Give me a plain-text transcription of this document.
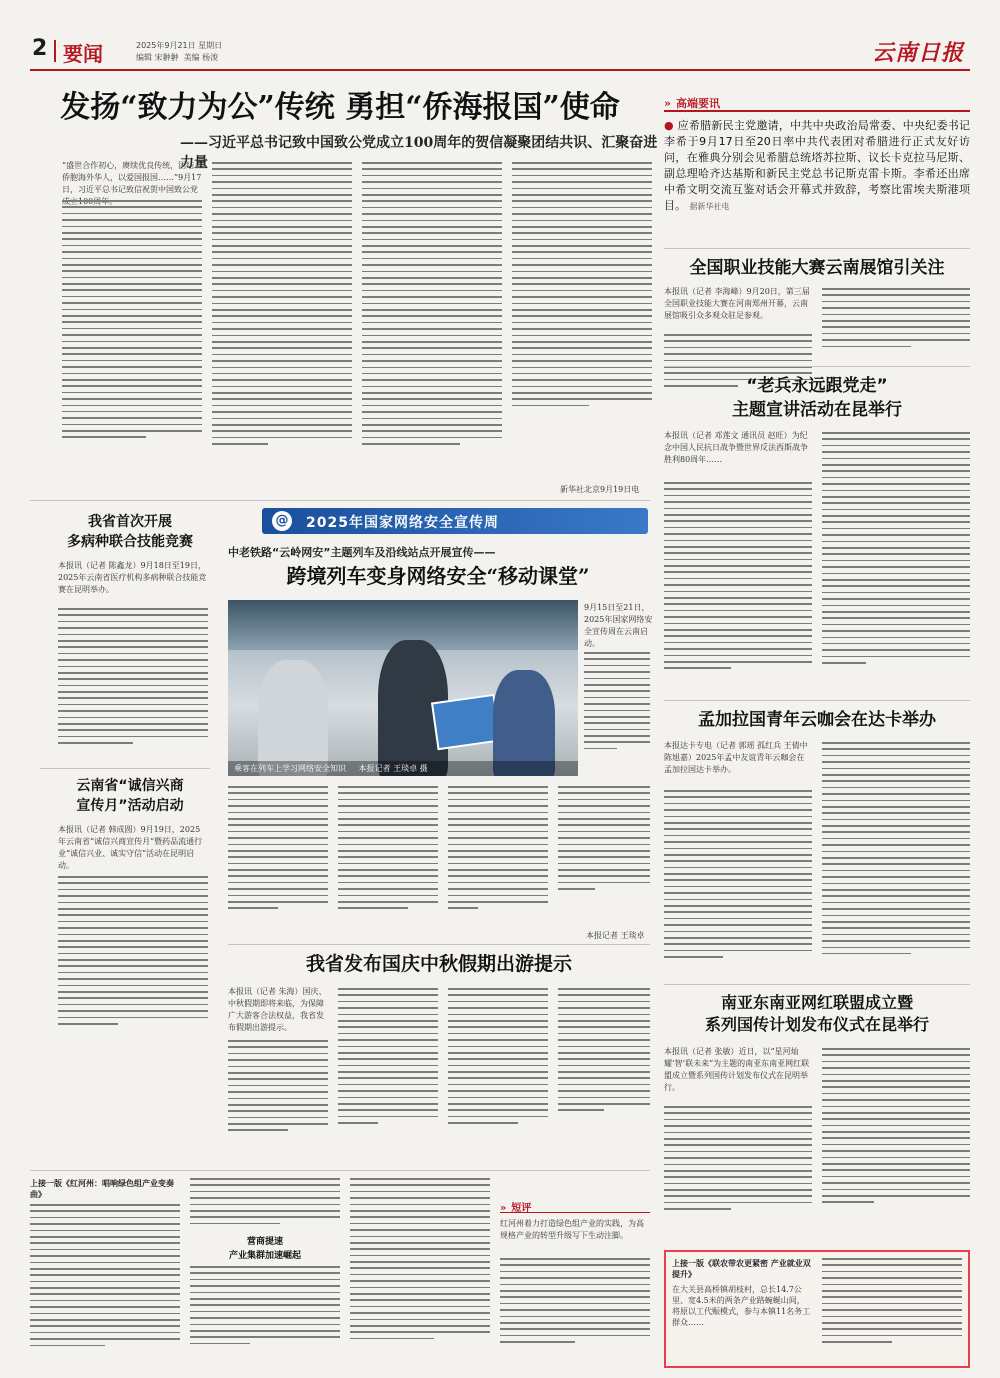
2 要闻	2025年9月21日 星期日
编辑 宋翀翀 美编 杨浚	云南日报
发扬“致力为公”传统 勇担“侨海报国”使命
——习近平总书记致中国致公党成立100周年的贺信凝聚团结共识、汇聚奋进力量
“盛世合作初心，赓续优良传统，团结侨胞海外华人，以爱国报国……”9月17日，习近平总书记致信祝贺中国致公党
新华社北京9月19日电
» 高端要讯
● 应希腊新民主党邀请，中共中央政治局常委、中央纪委书记李希于9月17日至20日率中共代表团对希腊进行正式友好访问，在雅典分别会见希腊总统塔苏拉斯、议长卡克拉马尼斯、副总理哈齐达基斯和新民主党总书记斯克雷卡斯。李希还出席中希文明交流互鉴对话会开幕式并致辞，考察比雷埃夫斯港项目。 据新华社电
全国职业技能大赛云南展馆引关注
本报讯（记者 李海峰）9月20日，第三届全国职业技能大赛在河南郑州开幕，云南展馆吸引众多观众驻足参观。
“老兵永远跟党走”
主题宣讲活动在昆举行
本报讯（记者 邓莲文 通讯员 赵旺）为纪念中国人民抗日战争暨世界反法西斯战争胜利80周年……
孟加拉国青年云咖会在达卡举办
本报达卡专电（记者 郭瑶 孤红兵 王倩中 陈旭嘉）2025年孟中友谊青年云咖会在孟加拉国达卡举办。
南亚东南亚网红联盟成立暨
系列国传计划发布仪式在昆举行
本报讯（记者 张敏）近日，以“星河灿耀‘智’联未来”为主题的南亚东南亚网红联盟成立暨系列国传计划发布仪式在昆明举行。
上接一版《联农带农更紧密 产业就业双提升》
在大关县高桥镇胡枝村，总长14.7公里、宽4.5米的两条产业路蜿蜒山间，将原以工代赈模式，参与本镇11名务工群众……
我省首次开展
多病种联合技能竞赛
本报讯（记者 陈鑫龙）9月18日至19日，2025年云南省医疗机构多病种联合技能竞赛在昆明举办。
云南省“诚信兴商
宣传月”活动启动
本报讯（记者 韩成圆）9月19日，2025年云南省“诚信兴商宣传月”暨药品流通行业“诚信兴业、诚实守信”活动在昆明启动。
@ 2025年国家网络安全宣传周
中老铁路“云岭网安”主题列车及沿线站点开展宣传——
跨境列车变身网络安全“移动课堂”
乘客在列车上学习网络安全知识 本报记者 王琰卓 摄
9月15日至21日，2025年国家网络安全宣传周在云南启动。
本报记者 王琰卓
我省发布国庆中秋假期出游提示
本报讯（记者 朱海）国庆、中秋假期即将来临，为保障广大游客合法权益，我省发布假期出游提示。
上接一版《红河州：唱响绿色组产业变奏曲》
营商提速
产业集群加速崛起
» 短评
红河州着力打造绿色组产业的实践，为高规格产业的转型升级写下生动注脚。
